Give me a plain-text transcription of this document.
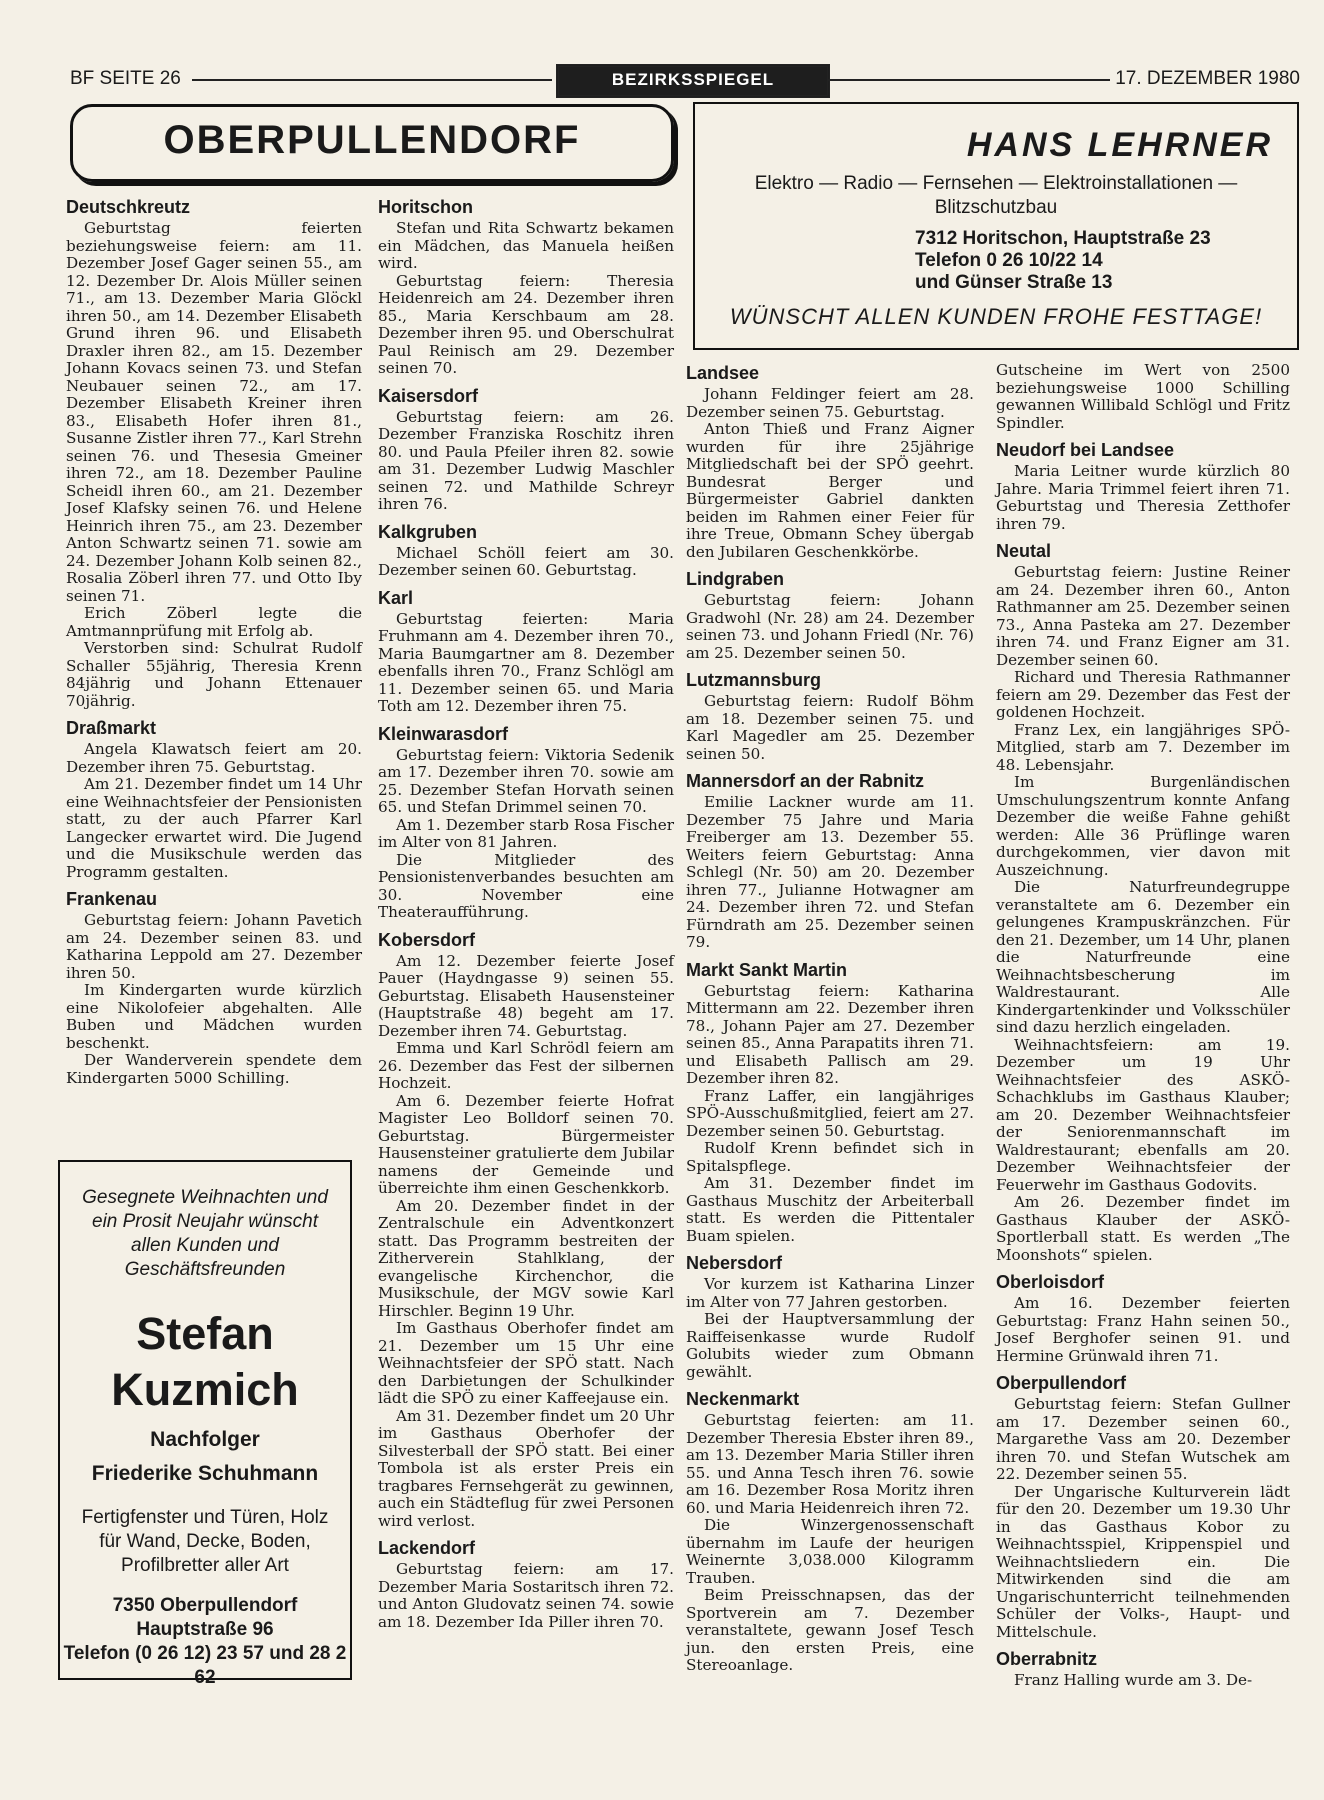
BF SEITE 26	BEZIRKSSPIEGEL	17. DEZEMBER 1980
OBERPULLENDORF	HANS LEHRNER
Elektro — Radio — Fernsehen — Elektroinstallationen — Blitzschutzbau
7312 Horitschon, Hauptstraße 23
Telefon 0 26 10/22 14
und Günser Straße 13
WÜNSCHT ALLEN KUNDEN FROHE FESTTAGE!
Deutschkreutz

Geburtstag feierten beziehungsweise feiern: am 11. Dezember Josef Gager seinen 55., am 12. Dezember Dr. Alois Müller seinen 71., am 13. Dezember Maria Glöckl ihren 50., am 14. Dezember Elisabeth Grund ihren 96. und Elisabeth Draxler ihren 82., am 15. Dezember Johann Kovacs seinen 73. und Stefan Neubauer seinen 72., am 17. Dezember Elisabeth Kreiner ihren 83., Elisabeth Hofer ihren 81., Susanne Zistler ihren 77., Karl Strehn seinen 76. und Thesesia Gmeiner ihren 72., am 18. Dezember Pauline Scheidl ihren 60., am 21. Dezember Josef Klafsky seinen 76. und Helene Heinrich ihren 75., am 23. Dezember Anton Schwartz seinen 71. sowie am 24. Dezember Johann Kolb seinen 82., Rosalia Zöberl ihren 77. und Otto Iby seinen 71.

Erich Zöberl legte die Amtmannprüfung mit Erfolg ab.

Verstorben sind: Schulrat Rudolf Schaller 55jährig, Theresia Krenn 84jährig und Johann Ettenauer 70jährig.

Draßmarkt

Angela Klawatsch feiert am 20. Dezember ihren 75. Geburtstag.

Am 21. Dezember findet um 14 Uhr eine Weihnachtsfeier der Pensionisten statt, zu der auch Pfarrer Karl Langecker erwartet wird. Die Jugend und die Musikschule werden das Programm gestalten.

Frankenau

Geburtstag feiern: Johann Pavetich am 24. Dezember seinen 83. und Katharina Leppold am 27. Dezember ihren 50.

Im Kindergarten wurde kürzlich eine Nikolofeier abgehalten. Alle Buben und Mädchen wurden beschenkt.

Der Wanderverein spendete dem Kindergarten 5000 Schilling.

Horitschon

Stefan und Rita Schwartz bekamen ein Mädchen, das Manuela heißen wird.

Geburtstag feiern: Theresia Heidenreich am 24. Dezember ihren 85., Maria Kerschbaum am 28. Dezember ihren 95. und Oberschulrat Paul Reinisch am 29. Dezember seinen 70.

Kaisersdorf

Geburtstag feiern: am 26. Dezember Franziska Roschitz ihren 80. und Paula Pfeiler ihren 82. sowie am 31. Dezember Ludwig Maschler seinen 72. und Mathilde Schreyr ihren 76.

Kalkgruben

Michael Schöll feiert am 30. Dezember seinen 60. Geburtstag.

Karl

Geburtstag feierten: Maria Fruhmann am 4. Dezember ihren 70., Maria Baumgartner am 8. Dezember ebenfalls ihren 70., Franz Schlögl am 11. Dezember seinen 65. und Maria Toth am 12. Dezember ihren 75.

Kleinwarasdorf

Geburtstag feiern: Viktoria Sedenik am 17. Dezember ihren 70. sowie am 25. Dezember Stefan Horvath seinen 65. und Stefan Drimmel seinen 70.

Am 1. Dezember starb Rosa Fischer im Alter von 81 Jahren.

Die Mitglieder des Pensionistenverbandes besuchten am 30. November eine Theateraufführung.

Kobersdorf

Am 12. Dezember feierte Josef Pauer (Haydngasse 9) seinen 55. Geburtstag. Elisabeth Hausensteiner (Hauptstraße 48) begeht am 17. Dezember ihren 74. Geburtstag.

Emma und Karl Schrödl feiern am 26. Dezember das Fest der silbernen Hochzeit.

Am 6. Dezember feierte Hofrat Magister Leo Bolldorf seinen 70. Geburtstag. Bürgermeister Hausensteiner gratulierte dem Jubilar namens der Gemeinde und überreichte ihm einen Geschenkkorb.

Am 20. Dezember findet in der Zentralschule ein Adventkonzert statt. Das Programm bestreiten der Zitherverein Stahlklang, der evangelische Kirchenchor, die Musikschule, der MGV sowie Karl Hirschler. Beginn 19 Uhr.

Im Gasthaus Oberhofer findet am 21. Dezember um 15 Uhr eine Weihnachtsfeier der SPÖ statt. Nach den Darbietungen der Schulkinder lädt die SPÖ zu einer Kaffeejause ein.

Am 31. Dezember findet um 20 Uhr im Gasthaus Oberhofer der Silvesterball der SPÖ statt. Bei einer Tombola ist als erster Preis ein tragbares Fernsehgerät zu gewinnen, auch ein Städteflug für zwei Personen wird verlost.

Lackendorf

Geburtstag feiern: am 17. Dezember Maria Sostaritsch ihren 72. und Anton Gludovatz seinen 74. sowie am 18. Dezember Ida Piller ihren 70.

Landsee

Johann Feldinger feiert am 28. Dezember seinen 75. Geburtstag.

Anton Thieß und Franz Aigner wurden für ihre 25jährige Mitgliedschaft bei der SPÖ geehrt. Bundesrat Berger und Bürgermeister Gabriel dankten beiden im Rahmen einer Feier für ihre Treue, Obmann Schey übergab den Jubilaren Geschenkkörbe.

Lindgraben

Geburtstag feiern: Johann Gradwohl (Nr. 28) am 24. Dezember seinen 73. und Johann Friedl (Nr. 76) am 25. Dezember seinen 50.

Lutzmannsburg

Geburtstag feiern: Rudolf Böhm am 18. Dezember seinen 75. und Karl Magedler am 25. Dezember seinen 50.

Mannersdorf an der Rabnitz

Emilie Lackner wurde am 11. Dezember 75 Jahre und Maria Freiberger am 13. Dezember 55. Weiters feiern Geburtstag: Anna Schlegl (Nr. 50) am 20. Dezember ihren 77., Julianne Hotwagner am 24. Dezember ihren 72. und Stefan Fürndrath am 25. Dezember seinen 79.

Markt Sankt Martin

Geburtstag feiern: Katharina Mittermann am 22. Dezember ihren 78., Johann Pajer am 27. Dezember seinen 85., Anna Parapatits ihren 71. und Elisabeth Pallisch am 29. Dezember ihren 82.

Franz Laffer, ein langjähriges SPÖ-Ausschußmitglied, feiert am 27. Dezember seinen 50. Geburtstag.

Rudolf Krenn befindet sich in Spitalspflege.

Am 31. Dezember findet im Gasthaus Muschitz der Arbeiterball statt. Es werden die Pittentaler Buam spielen.

Nebersdorf

Vor kurzem ist Katharina Linzer im Alter von 77 Jahren gestorben.

Bei der Hauptversammlung der Raiffeisenkasse wurde Rudolf Golubits wieder zum Obmann gewählt.

Neckenmarkt

Geburtstag feierten: am 11. Dezember Theresia Ebster ihren 89., am 13. Dezember Maria Stiller ihren 55. und Anna Tesch ihren 76. sowie am 16. Dezember Rosa Moritz ihren 60. und Maria Heidenreich ihren 72.

Die Winzergenossenschaft übernahm im Laufe der heurigen Weinernte 3,038.000 Kilogramm Trauben.

Beim Preisschnapsen, das der Sportverein am 7. Dezember veranstaltete, gewann Josef Tesch jun. den ersten Preis, eine Stereoanlage.

Gutscheine im Wert von 2500 beziehungsweise 1000 Schilling gewannen Willibald Schlögl und Fritz Spindler.

Neudorf bei Landsee

Maria Leitner wurde kürzlich 80 Jahre. Maria Trimmel feiert ihren 71. Geburtstag und Theresia Zetthofer ihren 79.

Neutal

Geburtstag feiern: Justine Reiner am 24. Dezember ihren 60., Anton Rathmanner am 25. Dezember seinen 73., Anna Pasteka am 27. Dezember ihren 74. und Franz Eigner am 31. Dezember seinen 60.

Richard und Theresia Rathmanner feiern am 29. Dezember das Fest der goldenen Hochzeit.

Franz Lex, ein langjähriges SPÖ-Mitglied, starb am 7. Dezember im 48. Lebensjahr.

Im Burgenländischen Umschulungszentrum konnte Anfang Dezember die weiße Fahne gehißt werden: Alle 36 Prüflinge waren durchgekommen, vier davon mit Auszeichnung.

Die Naturfreundegruppe veranstaltete am 6. Dezember ein gelungenes Krampuskränzchen. Für den 21. Dezember, um 14 Uhr, planen die Naturfreunde eine Weihnachtsbescherung im Waldrestaurant. Alle Kindergartenkinder und Volksschüler sind dazu herzlich eingeladen.

Weihnachtsfeiern: am 19. Dezember um 19 Uhr Weihnachtsfeier des ASKÖ-Schachklubs im Gasthaus Klauber; am 20. Dezember Weihnachtsfeier der Seniorenmannschaft im Waldrestaurant; ebenfalls am 20. Dezember Weihnachtsfeier der Feuerwehr im Gasthaus Godovits.

Am 26. Dezember findet im Gasthaus Klauber der ASKÖ-Sportlerball statt. Es werden „The Moonshots“ spielen.

Oberloisdorf

Am 16. Dezember feierten Geburtstag: Franz Hahn seinen 50., Josef Berghofer seinen 91. und Hermine Grünwald ihren 71.

Oberpullendorf

Geburtstag feiern: Stefan Gullner am 17. Dezember seinen 60., Margarethe Vass am 20. Dezember ihren 70. und Stefan Wutschek am 22. Dezember seinen 55.

Der Ungarische Kulturverein lädt für den 20. Dezember um 19.30 Uhr in das Gasthaus Kobor zu Weihnachtsspiel, Krippenspiel und Weihnachtsliedern ein. Die Mitwirkenden sind die am Ungarischunterricht teilnehmenden Schüler der Volks-, Haupt- und Mittelschule.

Oberrabnitz

Franz Halling wurde am 3. De-

Gesegnete Weihnachten und ein Prosit Neujahr wünscht allen Kunden und Geschäftsfreunden
Stefan
Kuzmich
Nachfolger
Friederike Schuhmann
Fertigfenster und Türen, Holz für Wand, Decke, Boden, Profilbretter aller Art
7350 Oberpullendorf
Hauptstraße 96
Telefon (0 26 12) 23 57 und 28 2 62
